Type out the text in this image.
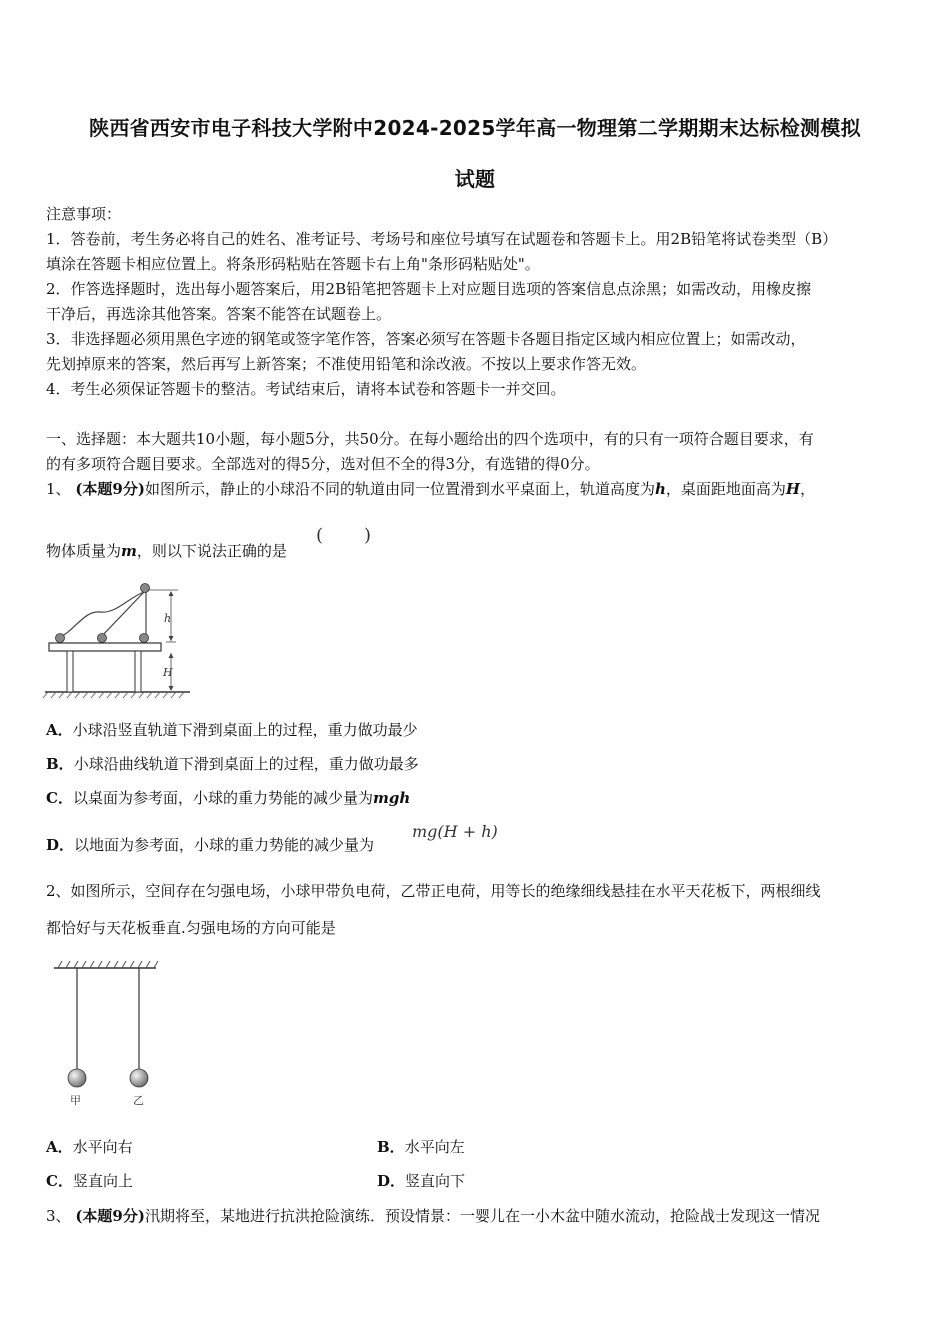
陕西省西安市电子科技大学附中2024-2025学年高一物理第二学期期末达标检测模拟
试题
注意事项：
1．答卷前，考生务必将自己的姓名、准考证号、考场号和座位号填写在试题卷和答题卡上。用2B铅笔将试卷类型（B）
填涂在答题卡相应位置上。将条形码粘贴在答题卡右上角"条形码粘贴处"。
2．作答选择题时，选出每小题答案后，用2B铅笔把答题卡上对应题目选项的答案信息点涂黑；如需改动，用橡皮擦
干净后，再选涂其他答案。答案不能答在试题卷上。
3．非选择题必须用黑色字迹的钢笔或签字笔作答，答案必须写在答题卡各题目指定区域内相应位置上；如需改动，
先划掉原来的答案，然后再写上新答案；不准使用铅笔和涂改液。不按以上要求作答无效。
4．考生必须保证答题卡的整洁。考试结束后，请将本试卷和答题卡一并交回。
一、选择题：本大题共10小题，每小题5分，共50分。在每小题给出的四个选项中，有的只有一项符合题目要求，有
的有多项符合题目要求。全部选对的得5分，选对但不全的得3分，有选错的得0分。
1、 (本题9分)如图所示，静止的小球沿不同的轨道由同一位置滑到水平桌面上，轨道高度为h，桌面距地面高为H，
物体质量为m，则以下说法正确的是
( )
h
H
A．小球沿竖直轨道下滑到桌面上的过程，重力做功最少
B．小球沿曲线轨道下滑到桌面上的过程，重力做功最多
C．以桌面为参考面，小球的重力势能的减少量为mgh
D．以地面为参考面，小球的重力势能的减少量为
mg(H + h)
2、如图所示，空间存在匀强电场，小球甲带负电荷，乙带正电荷，用等长的绝缘细线悬挂在水平天花板下，两根细线
都恰好与天花板垂直.匀强电场的方向可能是
甲	乙
A．水平向右	B．水平向左
C．竖直向上	D．竖直向下
3、 (本题9分)汛期将至，某地进行抗洪抢险演练．预设情景：一婴儿在一小木盆中随水流动，抢险战士发现这一情况
